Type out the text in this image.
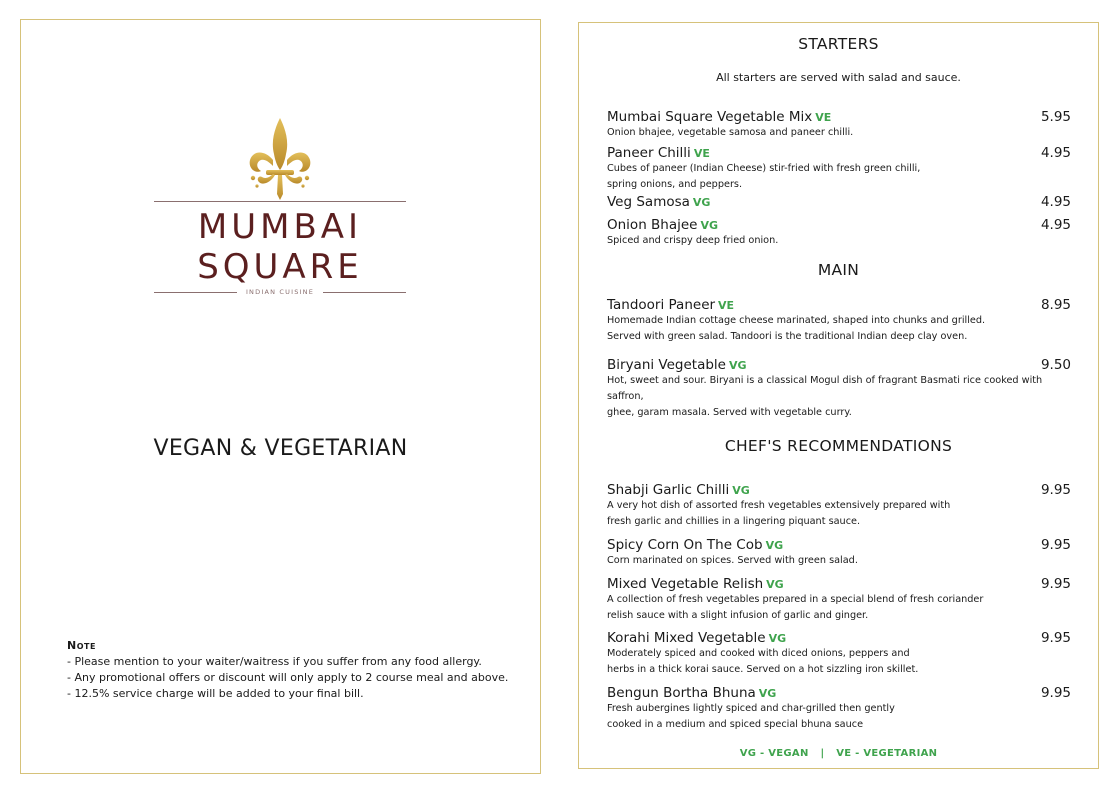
MUMBAI
SQUARE
INDIAN CUISINE
VEGAN & VEGETARIAN
Note
- Please mention to your waiter/waitress if you suffer from any food allergy.
- Any promotional offers or discount will only apply to 2 course meal and above.
- 12.5% service charge will be added to your final bill.
STARTERS
All starters are served with salad and sauce.
Mumbai Square Vegetable Mix VE	5.95
Onion bhajee, vegetable samosa and paneer chilli.
Paneer Chilli VE	4.95
Cubes of paneer (Indian Cheese) stir-fried with fresh green chilli,
spring onions, and peppers.
Veg Samosa VG	4.95
Onion Bhajee VG	4.95
Spiced and crispy deep fried onion.
MAIN
Tandoori Paneer VE	8.95
Homemade Indian cottage cheese marinated, shaped into chunks and grilled.
Served with green salad. Tandoori is the traditional Indian deep clay oven.
Biryani Vegetable VG	9.50
Hot, sweet and sour. Biryani is a classical Mogul dish of fragrant Basmati rice cooked with saffron,
ghee, garam masala. Served with vegetable curry.
CHEF'S RECOMMENDATIONS
Shabji Garlic Chilli VG	9.95
A very hot dish of assorted fresh vegetables extensively prepared with
fresh garlic and chillies in a lingering piquant sauce.
Spicy Corn On The Cob VG	9.95
Corn marinated on spices. Served with green salad.
Mixed Vegetable Relish VG	9.95
A collection of fresh vegetables prepared in a special blend of fresh coriander
relish sauce with a slight infusion of garlic and ginger.
Korahi Mixed Vegetable VG	9.95
Moderately spiced and cooked with diced onions, peppers and
herbs in a thick korai sauce. Served on a hot sizzling iron skillet.
Bengun Bortha Bhuna VG	9.95
Fresh aubergines lightly spiced and char-grilled then gently
cooked in a medium and spiced special bhuna sauce
VG - VEGAN | VE - VEGETARIAN
